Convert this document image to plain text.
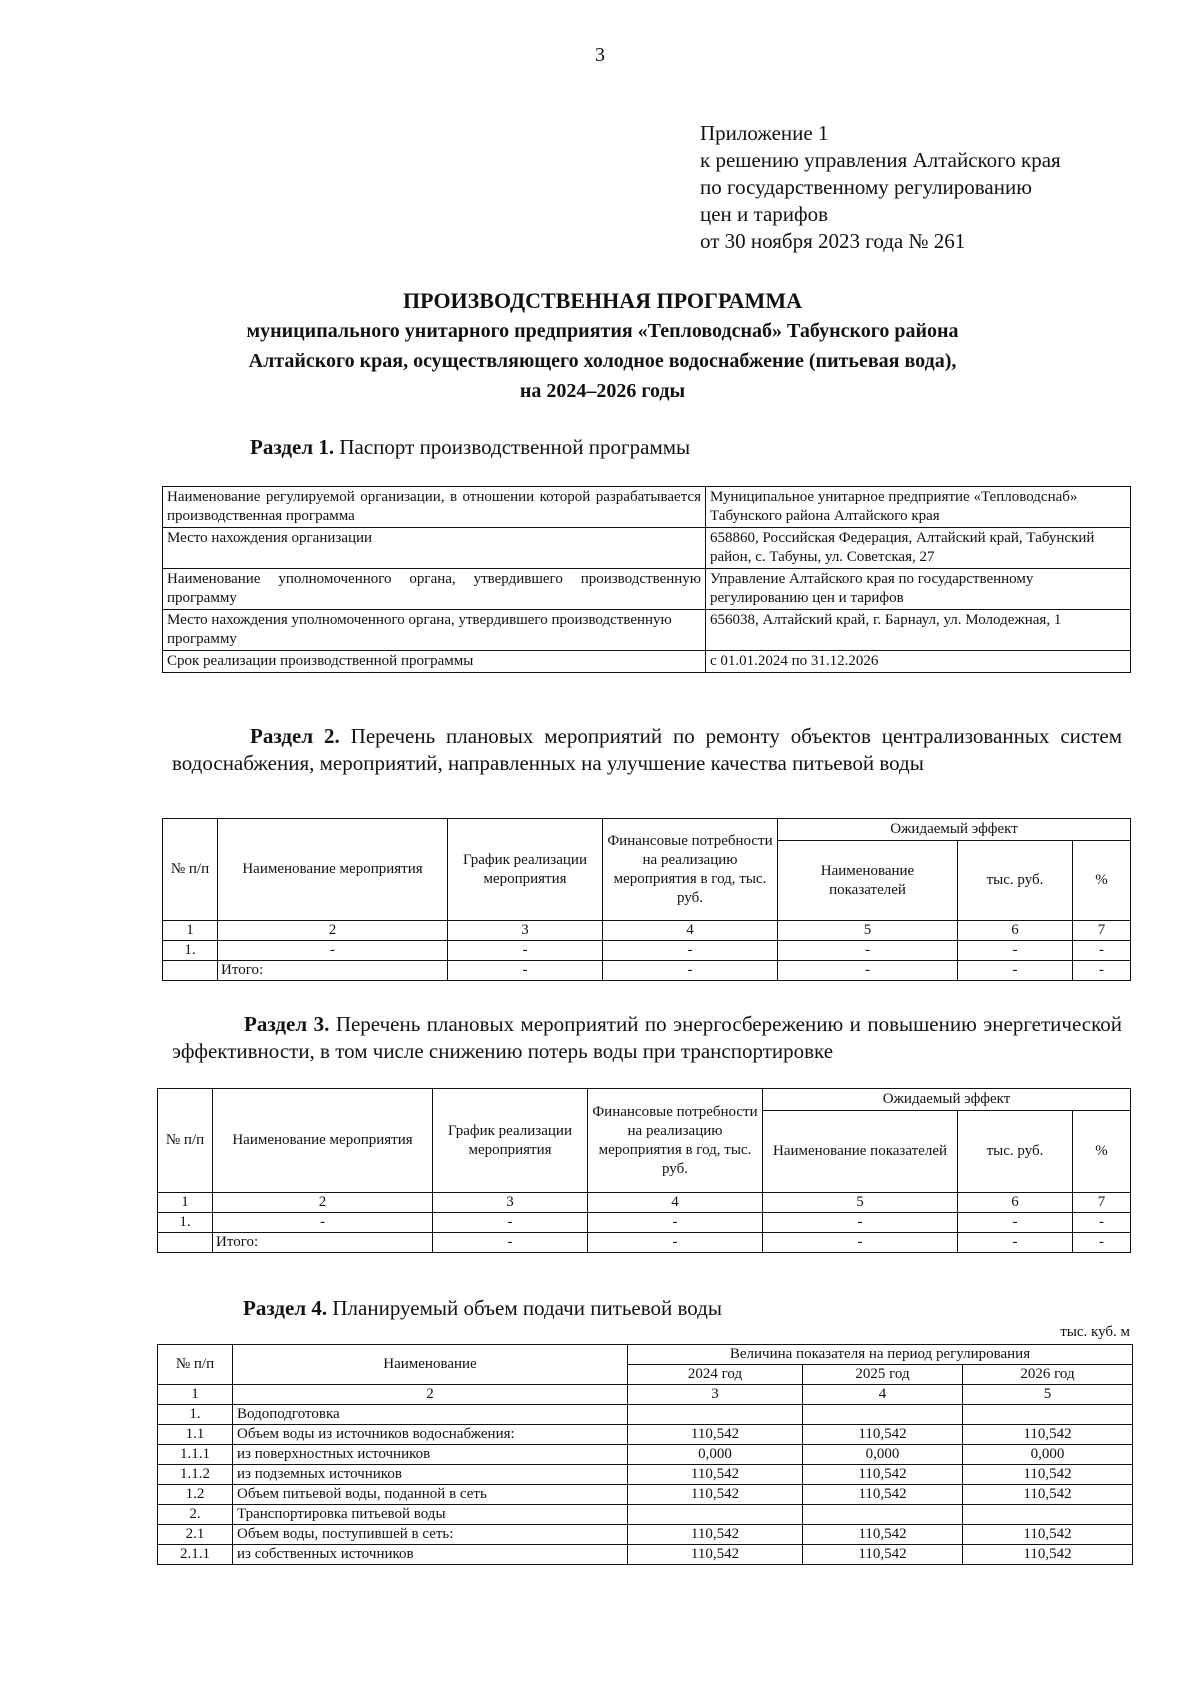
3
Приложение 1
к решению управления Алтайского края
по государственному регулированию
цен и тарифов
от 30 ноября 2023 года № 261
ПРОИЗВОДСТВЕННАЯ ПРОГРАММА
муниципального унитарного предприятия «Тепловодснаб» Табунского района
Алтайского края, осуществляющего холодное водоснабжение (питьевая вода),
на 2024–2026 годы
Раздел 1. Паспорт производственной программы
Наименование регулируемой организации, в отношении которой разрабатывается производственная программа	Муниципальное унитарное предприятие «Тепловодснаб» Табунского района Алтайского края
Место нахождения организации	658860, Российская Федерация, Алтайский край, Табунский район, с. Табуны, ул. Советская, 27
Наименование уполномоченного органа, утвердившего производственную программу	Управление Алтайского края по государственному регулированию цен и тарифов
Место нахождения уполномоченного органа, утвердившего производственную программу	656038, Алтайский край, г. Барнаул, ул. Молодежная, 1
Срок реализации производственной программы	с 01.01.2024 по 31.12.2026
Раздел 2. Перечень плановых мероприятий по ремонту объектов централизованных систем водоснабжения, мероприятий, направленных на улучшение качества питьевой воды
№ п/п	Наименование мероприятия	График реализации мероприятия	Финансовые потребности на реализацию мероприятия в год, тыс. руб.	Ожидаемый эффект		
				Наименование показателей	тыс. руб.	%
1	2	3	4	5	6	7
1.	-	-	-	-	-	-
	Итого:	-	-	-	-	-
Раздел 3. Перечень плановых мероприятий по энергосбережению и повышению энергетической эффективности, в том числе снижению потерь воды при транспортировке
№ п/п	Наименование мероприятия	График реализации мероприятия	Финансовые потребности на реализацию мероприятия в год, тыс. руб.	Ожидаемый эффект		
				Наименование показателей	тыс. руб.	%
1	2	3	4	5	6	7
1.	-	-	-	-	-	-
	Итого:	-	-	-	-	-
Раздел 4. Планируемый объем подачи питьевой воды
тыс. куб. м
№ п/п	Наименование	Величина показателя на период регулирования		
		2024 год	2025 год	2026 год
1	2	3	4	5
1.	Водоподготовка			
1.1	Объем воды из источников водоснабжения:	110,542	110,542	110,542
1.1.1	из поверхностных источников	0,000	0,000	0,000
1.1.2	из подземных источников	110,542	110,542	110,542
1.2	Объем питьевой воды, поданной в сеть	110,542	110,542	110,542
2.	Транспортировка питьевой воды			
2.1	Объем воды, поступившей в сеть:	110,542	110,542	110,542
2.1.1	из собственных источников	110,542	110,542	110,542
